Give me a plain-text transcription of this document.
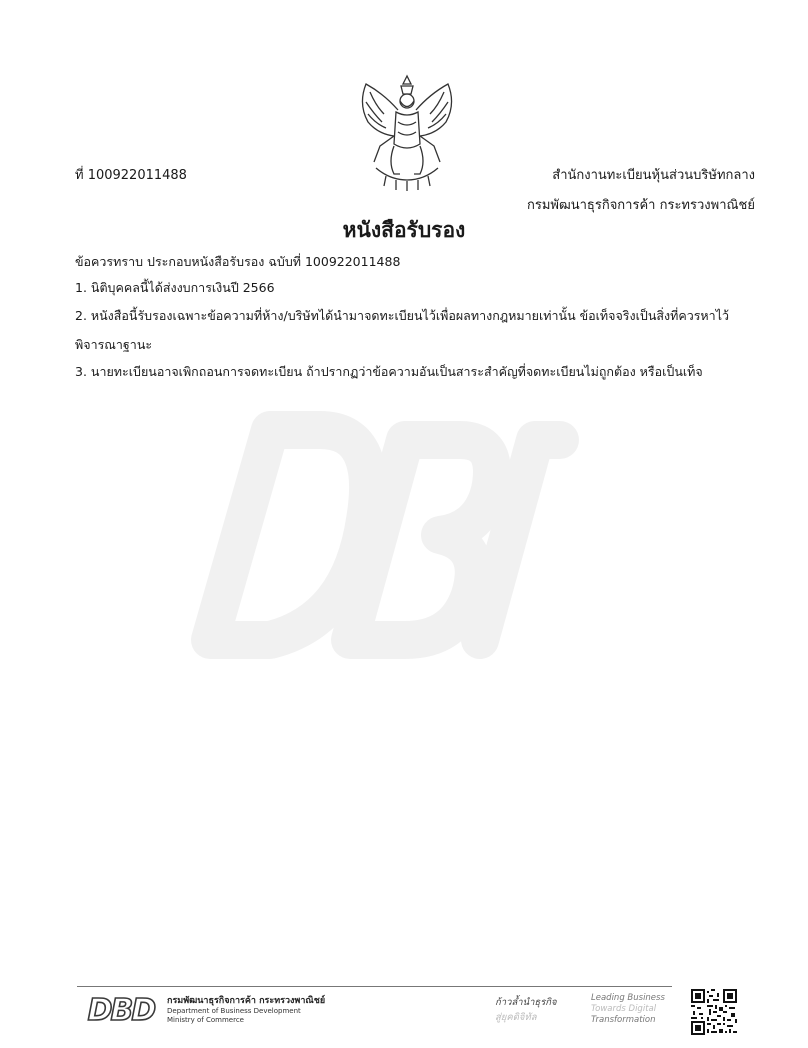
ที่ 100922011488	สำนักงานทะเบียนหุ้นส่วนบริษัทกลาง
กรมพัฒนาธุรกิจการค้า กระทรวงพาณิชย์
หนังสือรับรอง
ข้อควรทราบ ประกอบหนังสือรับรอง ฉบับที่ 100922011488
1. นิติบุคคลนี้ได้ส่งงบการเงินปี 2566
2. หนังสือนี้รับรองเฉพาะข้อความที่ห้าง/บริษัทได้นำมาจดทะเบียนไว้เพื่อผลทางกฎหมายเท่านั้น ข้อเท็จจริงเป็นสิ่งที่ควรหาไว้
พิจารณาฐานะ
3. นายทะเบียนอาจเพิกถอนการจดทะเบียน ถ้าปรากฏว่าข้อความอันเป็นสาระสำคัญที่จดทะเบียนไม่ถูกต้อง หรือเป็นเท็จ
DBD กรมพัฒนาธุรกิจการค้า กระทรวงพาณิชย์
Department of Business Development
Ministry of Commerce
ก้าวล้ำนำธุรกิจ
สู่ยุคดิจิทัล
Leading Business
Towards Digital
Transformation
